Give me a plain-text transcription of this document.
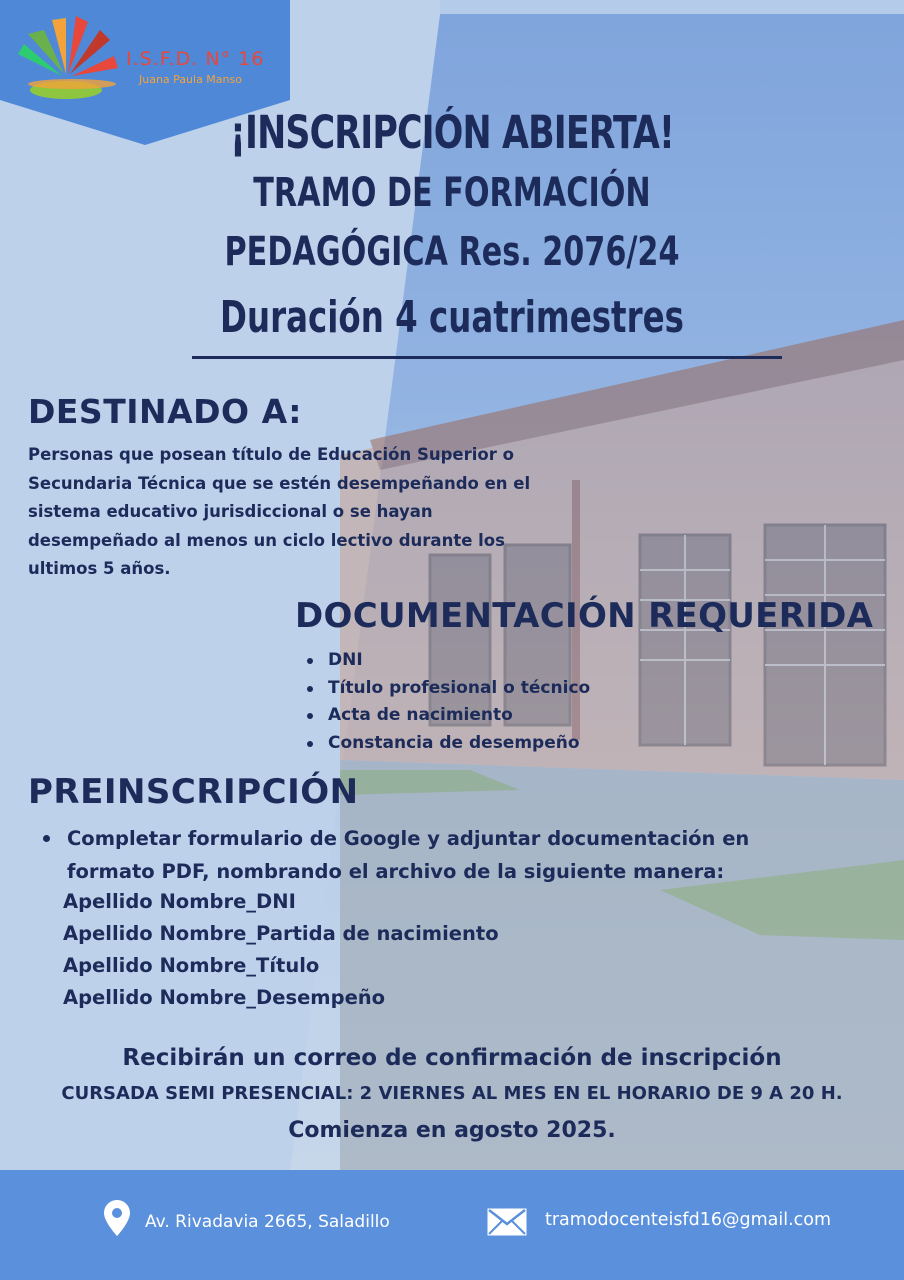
I.S.F.D. N° 16
Juana Paula Manso
¡INSCRIPCIÓN ABIERTA!
TRAMO DE FORMACIÓN
PEDAGÓGICA Res. 2076/24
Duración 4 cuatrimestres
DESTINADO A:
Personas que posean título de Educación Superior o
Secundaria Técnica que se estén desempeñando en el
sistema educativo jurisdiccional o se hayan
desempeñado al menos un ciclo lectivo durante los
ultimos 5 años.
DOCUMENTACIÓN REQUERIDA
DNI
Título profesional o técnico
Acta de nacimiento
Constancia de desempeño
PREINSCRIPCIÓN
Completar formulario de Google y adjuntar documentación en
formato PDF, nombrando el archivo de la siguiente manera:
Apellido Nombre_DNI
Apellido Nombre_Partida de nacimiento
Apellido Nombre_Título
Apellido Nombre_Desempeño
Recibirán un correo de confirmación de inscripción
CURSADA SEMI PRESENCIAL: 2 VIERNES AL MES EN EL HORARIO DE 9 A 20 H.
Comienza en agosto 2025.
Av. Rivadavia 2665, Saladillo	tramodocenteisfd16@gmail.com
